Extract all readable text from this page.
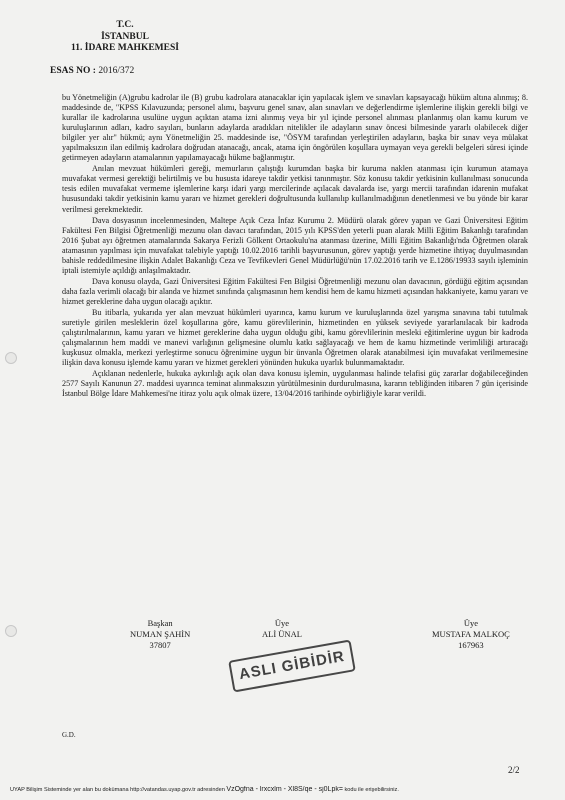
T.C.
İSTANBUL
11. İDARE MAHKEMESİ
ESAS NO : 2016/372

bu Yönetmeliğin (A)grubu kadrolar ile (B) grubu kadrolara atanacaklar için yapılacak işlem ve sınavları kapsayacağı hüküm altına alınmış; 8. maddesinde de, "KPSS Kılavuzunda; personel alımı, başvuru genel sınav, alan sınavları ve değerlendirme işlemlerine ilişkin gerekli bilgi ve kurallar ile kadrolarına usulüne uygun açıktan atama izni alınmış veya bir yıl içinde personel alınması planlanmış olan kamu kurum ve kuruluşlarının adları, kadro sayıları, bunların adaylarda aradıkları nitelikler ile adayların sınav öncesi bilmesinde yararlı olabilecek diğer bilgiler yer alır" hükmü; aynı Yönetmeliğin 25. maddesinde ise, "ÖSYM tarafından yerleştirilen adayların, başka bir sınav veya mülakat yapılmaksızın ilan edilmiş kadrolara doğrudan atanacağı, ancak, atama için öngörülen koşullara uymayan veya gerekli belgeleri süresi içinde getirmeyen adayların atamalarının yapılamayacağı hükme bağlanmıştır.

Anılan mevzuat hükümleri gereği, memurların çalıştığı kurumdan başka bir kuruma naklen atanması için kurumun atamaya muvafakat vermesi gerektiği belirtilmiş ve bu hususta idareye takdir yetkisi tanınmıştır. Söz konusu takdir yetkisinin kullanılması sonucunda tesis edilen muvafakat vermeme işlemlerine karşı idari yargı mercilerinde açılacak davalarda ise, yargı mercii tarafından idarenin mufakat hususundaki takdir yetkisinin kamu yararı ve hizmet gerekleri doğrultusunda kullanılıp kullanılmadığının denetlenmesi ve bu yönde bir karar verilmesi gerekmektedir.

Dava dosyasının incelenmesinden, Maltepe Açık Ceza İnfaz Kurumu 2. Müdürü olarak görev yapan ve Gazi Üniversitesi Eğitim Fakültesi Fen Bilgisi Öğretmenliği mezunu olan davacı tarafından, 2015 yılı KPSS'den yeterli puan alarak Milli Eğitim Bakanlığı tarafından 2016 Şubat ayı öğretmen atamalarında Sakarya Ferizli Gölkent Ortaokulu'na atanması üzerine, Milli Eğitim Bakanlığı'nda Öğretmen olarak atamasının yapılması için muvafakat talebiyle yaptığı 10.02.2016 tarihli başvurusunun, görev yaptığı yerde hizmetine ihtiyaç duyulmasından bahisle reddedilmesine ilişkin Adalet Bakanlığı Ceza ve Tevfikevleri Genel Müdürlüğü'nün 17.02.2016 tarih ve E.1286/19933 sayılı işleminin iptali istemiyle açıldığı anlaşılmaktadır.

Dava konusu olayda, Gazi Üniversitesi Eğitim Fakültesi Fen Bilgisi Öğretmenliği mezunu olan davacının, gördüğü eğitim açısından daha fazla verimli olacağı bir alanda ve hizmet sınıfında çalışmasının hem kendisi hem de kamu hizmeti açısından hakkaniyete, kamu yararı ve hizmet gereklerine daha uygun olacağı açıktır.

Bu itibarla, yukarıda yer alan mevzuat hükümleri uyarınca, kamu kurum ve kuruluşlarında özel yarışma sınavına tabi tutulmak suretiyle girilen mesleklerin özel koşullarına göre, kamu görevlilerinin, hizmetinden en yüksek seviyede yararlanılacak bir kadroda çalıştırılmalarının, kamu yararı ve hizmet gereklerine daha uygun olduğu gibi, kamu görevlilerinin mesleki eğitimlerine uygun bir kadroda çalışmalarının hem maddi ve manevi varlığının gelişmesine olumlu katkı sağlayacağı ve hem de kamu hizmetinde verimliliği artıracağı kuşkusuz olmakla, merkezi yerleştirme sonucu öğrenimine uygun bir ünvanla Öğretmen olarak atanabilmesi için muvafakat verilmemesine ilişkin dava konusu işlemde kamu yararı ve hizmet gerekleri yönünden hukuka uyarlık bulunmamaktadır.

Açıklanan nedenlerle, hukuka aykırılığı açık olan dava konusu işlemin, uygulanması halinde telafisi güç zararlar doğabileceğinden 2577 Sayılı Kanunun 27. maddesi uyarınca teminat alınmaksızın yürütülmesinin durdurulmasına, kararın tebliğinden itibaren 7 gün içerisinde İstanbul Bölge İdare Mahkemesi'ne itiraz yolu açık olmak üzere, 13/04/2016 tarihinde oybirliğiyle karar verildi.

Başkan
NUMAN ŞAHİN
37807
Üye
ALİ ÜNAL
Üye
MUSTAFA MALKOÇ
167963
ASLI GİBİDİR
G.D.
2/2
UYAP Bilişim Sisteminde yer alan bu dokümana http://vatandas.uyap.gov.tr adresinden VzOgfna - lrxcxlm - Xl8S/qe - sj0Lpk= kodu ile erişebilirsiniz.
